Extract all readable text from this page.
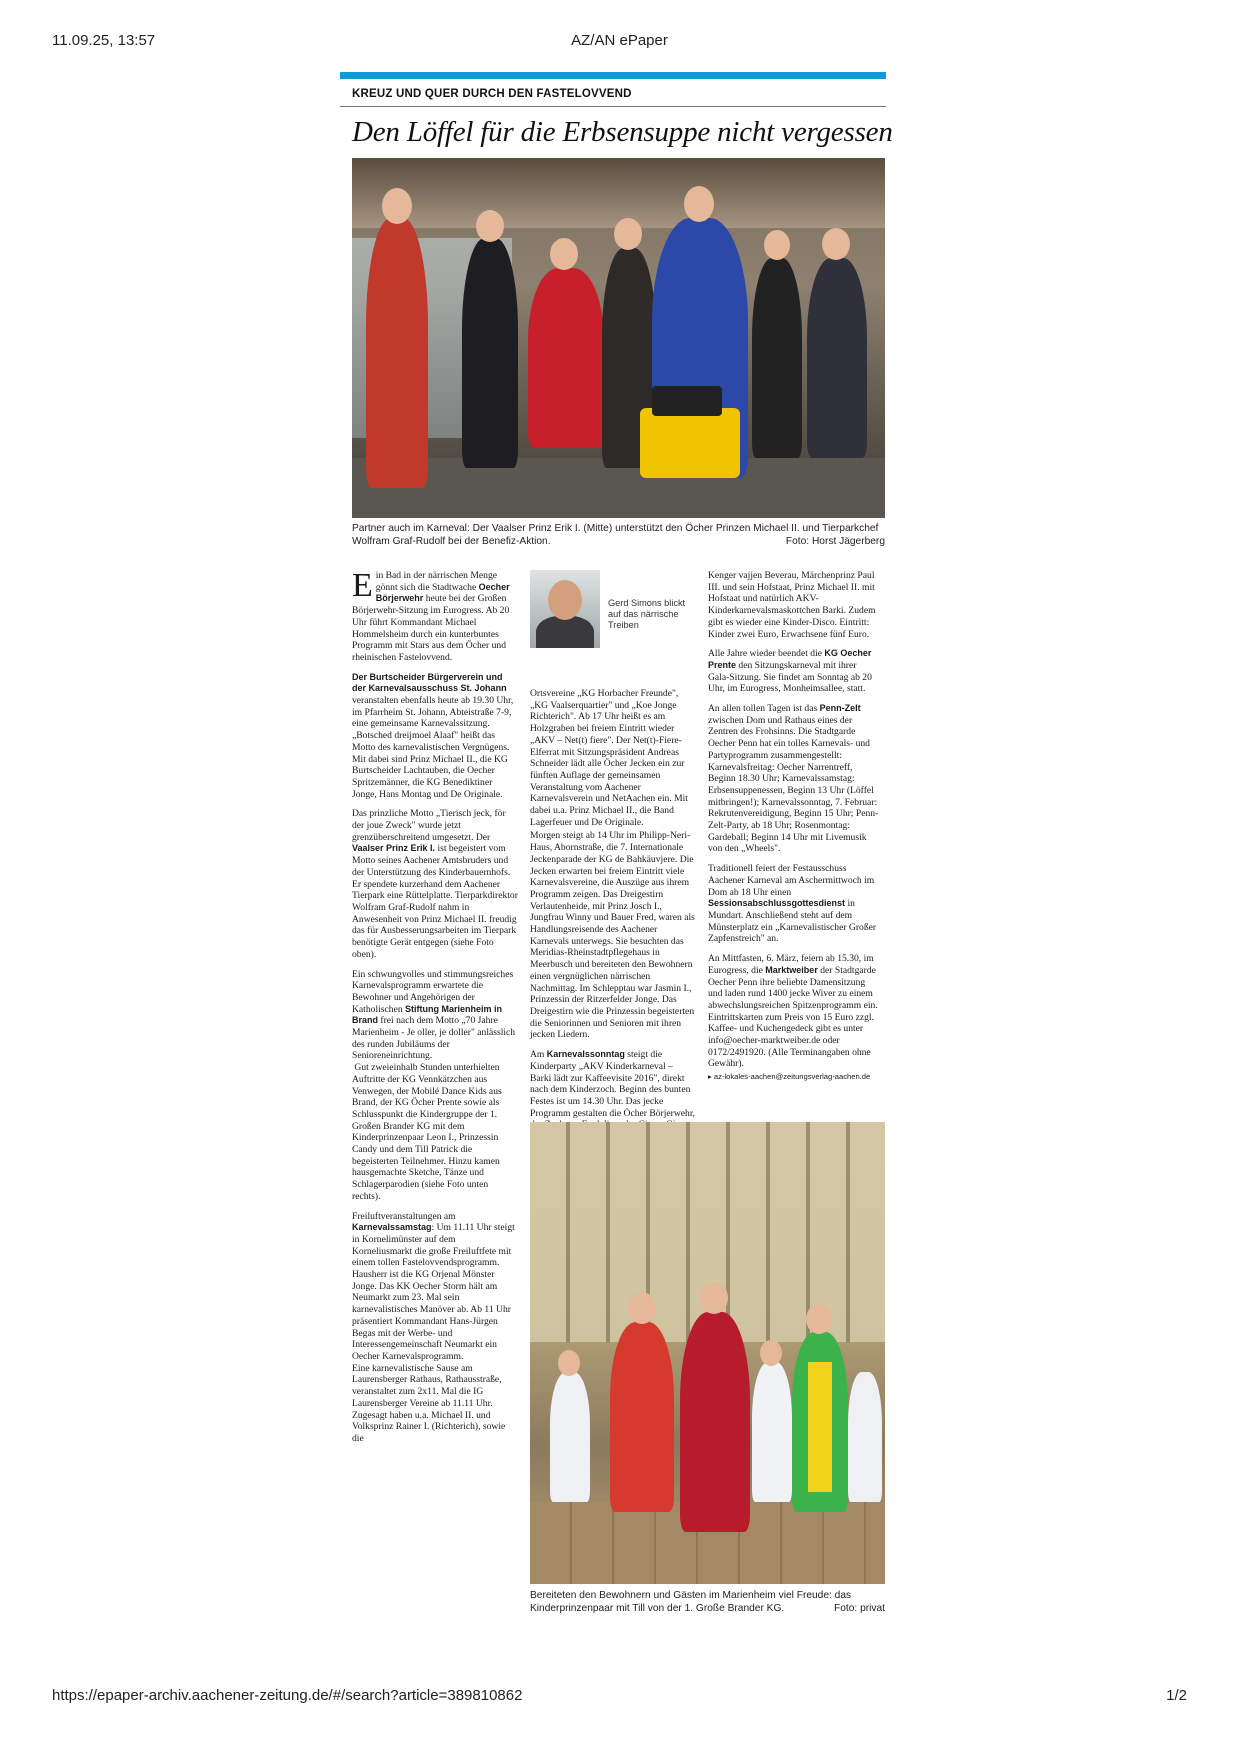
11.09.25, 13:57	AZ/AN ePaper
KREUZ UND QUER DURCH DEN FASTELOVVEND
Den Löffel für die Erbsensuppe nicht vergessen
Partner auch im Karneval: Der Vaalser Prinz Erik I. (Mitte) unterstützt den Öcher Prinzen Michael II. und Tierparkchef Wolfram Graf-Rudolf bei der Benefiz-Aktion.	Foto: Horst Jägerberg

Ein Bad in der närrischen Menge gönnt sich die Stadtwache Oecher Börjerwehr heute bei der Großen Börjerwehr-Sitzung im Eurogress. Ab 20 Uhr führt Kommandant Michael Hommelsheim durch ein kunterbuntes Programm mit Stars aus dem Öcher und rheinischen Fastelovvend.

Der Burtscheider Bürgerverein und der Karnevalsausschuss St. Johann veranstalten ebenfalls heute ab 19.30 Uhr, im Pfarrheim St. Johann, Abteistraße 7-9, eine gemeinsame Karnevalssitzung. „Botsched dreijmoel Alaaf" heißt das Motto des karnevalistischen Vergnügens. Mit dabei sind Prinz Michael II., die KG Burtscheider Lachtauben, die Oecher Spritzemänner, die KG Benediktiner Jonge, Hans Montag und De Originale.

Das prinzliche Motto „Tierisch jeck, för der joue Zweck" wurde jetzt grenzüberschreitend umgesetzt. Der Vaalser Prinz Erik I. ist begeistert vom Motto seines Aachener Amtsbruders und der Unterstützung des Kinderbauernhofs. Er spendete kurzerhand dem Aachener Tierpark eine Rüttelplatte. Tierparkdirektor Wolfram Graf-Rudolf nahm in Anwesenheit von Prinz Michael II. freudig das für Ausbesserungsarbeiten im Tierpark benötigte Gerät entgegen (siehe Foto oben).

Ein schwungvolles und stimmungsreiches Karnevalsprogramm erwartete die Bewohner und Angehörigen der Katholischen Stiftung Marienheim in Brand frei nach dem Motto „70 Jahre Marienheim - Je oller, je doller" anlässlich des runden Jubiläums der Senioreneinrichtung.

Gut zweieinhalb Stunden unterhielten Auftritte der KG Vennkätzchen aus Venwegen, der Mobilé Dance Kids aus Brand, der KG Öcher Prente sowie als Schlusspunkt die Kindergruppe der 1. Großen Brander KG mit dem Kinderprinzenpaar Leon I., Prinzessin Candy und dem Till Patrick die begeisterten Teilnehmer. Hinzu kamen hausgemachte Sketche, Tänze und Schlagerparodien (siehe Foto unten rechts).

Freiluftveranstaltungen am Karnevalssamstag: Um 11.11 Uhr steigt in Kornelimünster auf dem Korneliusmarkt die große Freiluftfete mit einem tollen Fastelovvendsprogramm. Hausherr ist die KG Orjenal Mönster Jonge. Das KK Oecher Storm hält am Neumarkt zum 23. Mal sein karnevalistisches Manöver ab. Ab 11 Uhr präsentiert Kommandant Hans-Jürgen Begas mit der Werbe- und Interessengemeinschaft Neumarkt ein Oecher Karnevalsprogramm.

Eine karnevalistische Sause am Laurensberger Rathaus, Rathausstraße, veranstaltet zum 2x11. Mal die IG Laurensberger Vereine ab 11.11 Uhr. Zugesagt haben u.a. Michael II. und Volksprinz Rainer I. (Richterich), sowie die

Gerd Simons blickt auf das närrische Treiben

Ortsvereine „KG Horbacher Freunde", „KG Vaalserquartier" und „Koe Jonge Richterich". Ab 17 Uhr heißt es am Holzgraben bei freiem Eintritt wieder „AKV – Net(t) fiere". Der Net(t)-Fiere-Elferrat mit Sitzungspräsident Andreas Schneider lädt alle Öcher Jecken ein zur fünften Auflage der gemeinsamen Veranstaltung vom Aachener Karnevalsverein und NetAachen ein. Mit dabei u.a. Prinz Michael II., die Band Lagerfeuer und De Originale.

Morgen steigt ab 14 Uhr im Philipp-Neri-Haus, Abornstraße, die 7. Internationale Jeckenparade der KG de Bahkäuvjere. Die Jecken erwarten bei freiem Eintritt viele Karnevalsvereine, die Auszüge aus ihrem Programm zeigen. Das Dreigestirn Verlautenheide, mit Prinz Josch I., Jungfrau Winny und Bauer Fred, waren als Handlungsreisende des Aachener Karnevals unterwegs. Sie besuchten das Meridias-Rheinstadtpflegehaus in Meerbusch und bereiteten den Bewohnern einen vergnüglichen närrischen Nachmittag. Im Schlepptau war Jasmin I., Prinzessin der Ritzerfelder Jonge. Das Dreigestirn wie die Prinzessin begeisterten die Seniorinnen und Senioren mit ihren jecken Liedern.

Am Karnevalssonntag steigt die Kinderparty „AKV Kinderkarneval – Barki lädt zur Kaffeevisite 2016", direkt nach dem Kinderzoch. Beginn des bunten Festes ist um 14.30 Uhr. Das jecke Programm gestalten die Öcher Börjerwehr,

Kenger vajjen Beverau, Märchenprinz Paul III. und sein Hofstaat, Prinz Michael II. mit Hofstaat und natürlich AKV-Kinderkarnevalsmaskottchen Barki. Zudem gibt es wieder eine Kinder-Disco. Eintritt: Kinder zwei Euro, Erwachsene fünf Euro.

Alle Jahre wieder beendet die KG Oecher Prente den Sitzungskarneval mit ihrer Gala-Sitzung. Sie findet am Sonntag ab 20 Uhr, im Eurogress, Monheimsallee, statt.

An allen tollen Tagen ist das Penn-Zelt zwischen Dom und Rathaus eines der Zentren des Frohsinns. Die Stadtgarde Oecher Penn hat ein tolles Karnevals- und Partyprogramm zusammengestellt: Karnevalsfreitag: Oecher Narrentreff, Beginn 18.30 Uhr; Karnevalssamstag: Erbsensuppenessen, Beginn 13 Uhr (Löffel mitbringen!); Karnevalssonntag, 7. Februar: Rekrutenvereidigung, Beginn 15 Uhr; Penn-Zelt-Party, ab 18 Uhr; Rosenmontag: Gardeball; Beginn 14 Uhr mit Livemusik von den „Wheels".

Traditionell feiert der Festausschuss Aachener Karneval am Aschermittwoch im Dom ab 18 Uhr einen Sessionsabschlussgottesdienst in Mundart. Anschließend steht auf dem Münsterplatz ein „Karnevalistischer Großer Zapfenstreich" an.

An Mittfasten, 6. März, feiern ab 15.30, im Eurogress, die Marktweiber der Stadtgarde Oecher Penn ihre beliebte Damensitzung und laden rund 1400 jecke Wiver zu einem abwechslungsreichen Spitzenprogramm ein. Eintrittskarten zum Preis von 15 Euro zzgl. Kaffee- und Kuchengedeck gibt es unter info@oecher-marktweiber.de oder 0172/2491920. (Alle Terminangaben ohne Gewähr).

▸ az-lokales-aachen@zeitungsverlag-aachen.de

Bereiteten den Bewohnern und Gästen im Marienheim viel Freude: das Kinderprinzenpaar mit Till von der 1. Große Brander KG.	Foto: privat
https://epaper-archiv.aachener-zeitung.de/#/search?article=389810862	1/2
